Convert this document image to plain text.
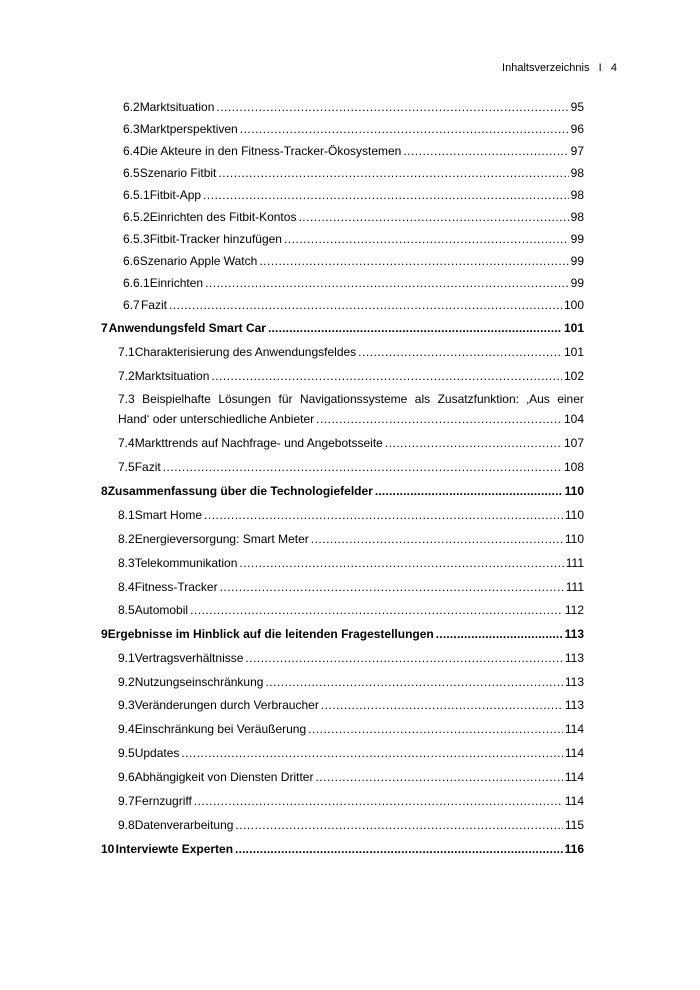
Inhaltsverzeichnis I 4
6.2 Marktsituation .....	95
6.3 Marktperspektiven .....	96
6.4 Die Akteure in den Fitness-Tracker-Ökosystemen .....	97
6.5 Szenario Fitbit .....	98
6.5.1 Fitbit-App .....	98
6.5.2 Einrichten des Fitbit-Kontos .....	98
6.5.3 Fitbit-Tracker hinzufügen .....	99
6.6 Szenario Apple Watch .....	99
6.6.1 Einrichten .....	99
6.7 Fazit .....	100
7 Anwendungsfeld Smart Car .....	101
7.1 Charakterisierung des Anwendungsfeldes .....	101
7.2 Marktsituation .....	102
7.3 Beispielhafte Lösungen für Navigationssysteme als Zusatzfunktion: ‚Aus einer
Hand‘ oder unterschiedliche Anbieter .....	104
7.4 Markttrends auf Nachfrage- und Angebotsseite .....	107
7.5 Fazit .....	108
8 Zusammenfassung über die Technologiefelder .....	110
8.1 Smart Home .....	110
8.2 Energieversorgung: Smart Meter .....	110
8.3 Telekommunikation .....	111
8.4 Fitness-Tracker .....	111
8.5 Automobil .....	112
9 Ergebnisse im Hinblick auf die leitenden Fragestellungen .....	113
9.1 Vertragsverhältnisse .....	113
9.2 Nutzungseinschränkung .....	113
9.3 Veränderungen durch Verbraucher .....	113
9.4 Einschränkung bei Veräußerung .....	114
9.5 Updates .....	114
9.6 Abhängigkeit von Diensten Dritter .....	114
9.7 Fernzugriff .....	114
9.8 Datenverarbeitung .....	115
10 Interviewte Experten .....	116
